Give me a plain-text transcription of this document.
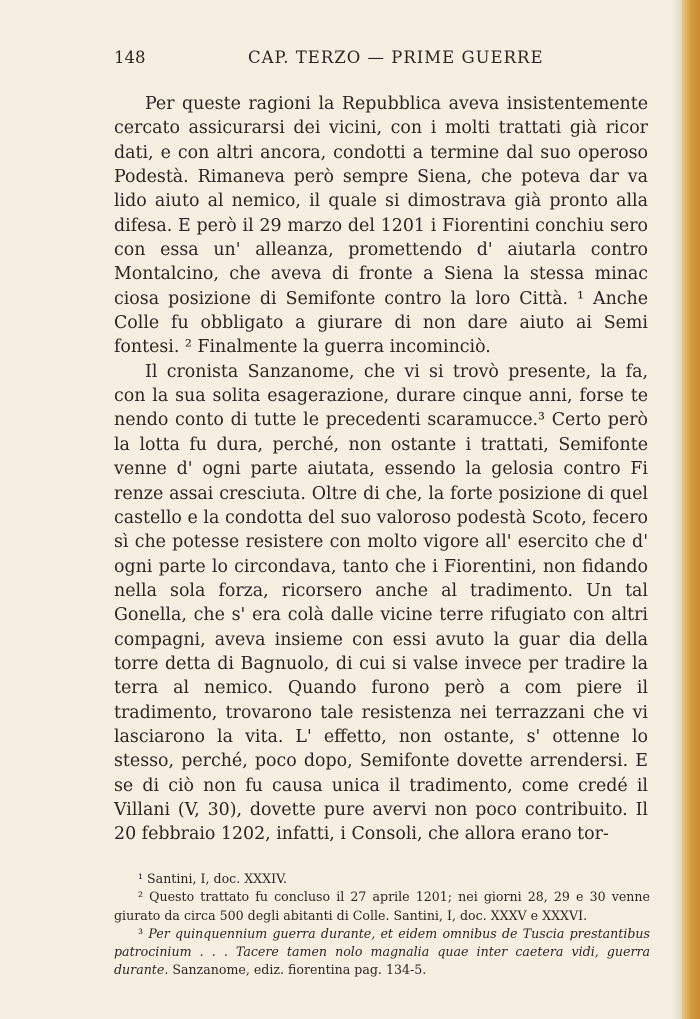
148	CAP. TERZO — PRIME GUERRE

Per queste ragioni la Repubblica aveva insistentemente cercato assicurarsi dei vicini, con i molti trattati già ricor dati, e con altri ancora, condotti a termine dal suo operoso Podestà. Rimaneva però sempre Siena, che poteva dar va lido aiuto al nemico, il quale si dimostrava già pronto alla difesa. E però il 29 marzo del 1201 i Fiorentini conchiu sero con essa un' alleanza, promettendo d' aiutarla contro Montalcino, che aveva di fronte a Siena la stessa minac ciosa posizione di Semifonte contro la loro Città. ¹ Anche Colle fu obbligato a giurare di non dare aiuto ai Semi fontesi. ² Finalmente la guerra incominciò.

Il cronista Sanzanome, che vi si trovò presente, la fa, con la sua solita esagerazione, durare cinque anni, forse te nendo conto di tutte le precedenti scaramucce.³ Certo però la lotta fu dura, perché, non ostante i trattati, Semifonte venne d' ogni parte aiutata, essendo la gelosia contro Fi renze assai cresciuta. Oltre di che, la forte posizione di quel castello e la condotta del suo valoroso podestà Scoto, fecero sì che potesse resistere con molto vigore all' esercito che d' ogni parte lo circondava, tanto che i Fiorentini, non fidando nella sola forza, ricorsero anche al tradimento. Un tal Gonella, che s' era colà dalle vicine terre rifugiato con altri compagni, aveva insieme con essi avuto la guar dia della torre detta di Bagnuolo, di cui si valse invece per tradire la terra al nemico. Quando furono però a com piere il tradimento, trovarono tale resistenza nei terrazzani che vi lasciarono la vita. L' effetto, non ostante, s' ottenne lo stesso, perché, poco dopo, Semifonte dovette arrendersi. E se di ciò non fu causa unica il tradimento, come credé il Villani (V, 30), dovette pure avervi non poco contribuito. Il 20 febbraio 1202, infatti, i Consoli, che allora erano tor-

¹ Santini, I, doc. XXXIV.

² Questo trattato fu concluso il 27 aprile 1201; nei giorni 28, 29 e 30 venne giurato da circa 500 degli abitanti di Colle. Santini, I, doc. XXXV e XXXVI.

³ Per quinquennium guerra durante, et eidem omnibus de Tuscia prestantibus patrocinium . . . Tacere tamen nolo magnalia quae inter caetera vidi, guerra durante. Sanzanome, ediz. fiorentina pag. 134-5.
